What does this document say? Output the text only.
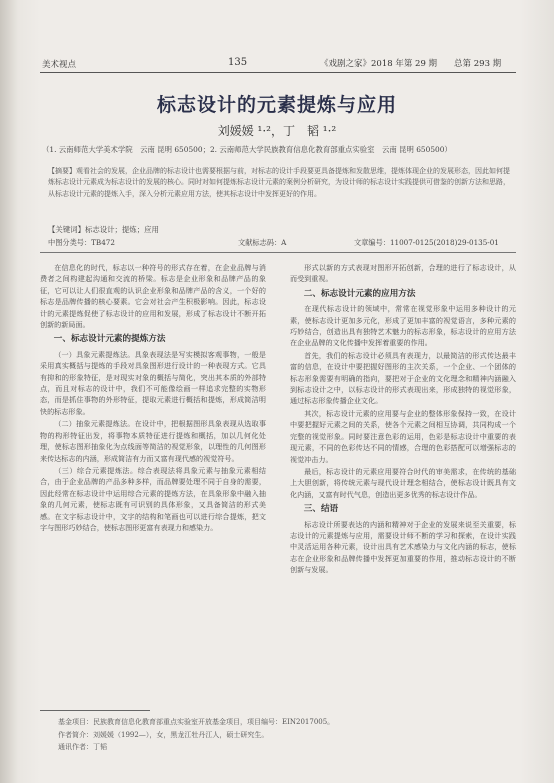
美术视点	135	《戏剧之家》2018 年第 29 期　　总第 293 期
标志设计的元素提炼与应用
刘媛媛 ¹·²，丁　韬 ¹·²
（1. 云南师范大学美术学院　云南 昆明 650500；2. 云南师范大学民族教育信息化教育部重点实验室　云南 昆明 650500）
【摘要】观看社会的发展，企业品牌的标志设计也需要根据与前，对标志的设计手段要更具备提炼和发散思维，提炼体现企业的发展形态，因此如何提炼标志设计元素成为标志设计的发展的核心。同时对如何提炼标志设计元素的案例分析研究，为设计师的标志设计实践提供可借鉴的创新方法和思路，从标志设计元素的提炼入手，深入分析元素应用方法，使其标志设计中发挥更好的作用。
【关键词】标志设计；提炼；应用
中图分类号：TB472	文献标志码：A	文章编号：11007-0125(2018)29-0135-01

在信息化的时代，标志以一种符号的形式存在着，在企业品牌与消费者之间构建起沟通和交流的桥梁。标志是企业形象和品牌产品的象征，它可以让人们很直观的认识企业形象和品牌产品的含义，一个好的标志是品牌传播的核心要素。它会对社会产生积极影响。因此，标志设计的元素提炼促使了标志设计的应用和发展，形成了标志设计不断开拓创新的新局面。

一、标志设计元素的提炼方法

（一）具象元素提炼法。具象表现法是写实模拟客观事物，一般是采用真实概括与提炼的手段对具象图形进行设计的一种表现方式。它具有抑和的形象特征，是对现实对象的概括与简化，突出其本质的外部特点，而且对标志的设计中，我们不可能像绘画一样追求完整的实物形态，而是抓住事物的外形特征，提取元素进行概括和提炼，形成简洁明快的标志形象。

（二）抽象元素提炼法。在设计中，把根据图形具象表现从选取事物的构形特征出发，将事物本质特征进行提炼和概括，加以几何化处理，使标志图形抽象化为点线面等简洁的视觉形象，以理性的几何图形来传达标志的内涵，形成简洁有力而又富有现代感的视觉符号。

（三）综合元素提炼法。综合表现法将具象元素与抽象元素相结合，由于企业品牌的产品多种多样，而品牌要处理不同于自身的需要，因此经常在标志设计中运用综合元素的提炼方法，在具象形象中融入抽象的几何元素，使标志既有可识别的具体形象，又具备简洁的形式美感。在文字标志设计中，文字的结构和笔画也可以进行综合提炼，把文字与图形巧妙结合，使标志图形更富有表现力和感染力。

形式以新的方式表现对图形开拓创新，合理的进行了标志设计，从而受到重视。

二、标志设计元素的应用方法

在现代标志设计的领域中，常常在视觉形象中运用多种设计的元素，使标志设计更加多元化，形成了更加丰富的视觉语言，多种元素的巧妙结合，创造出具有独特艺术魅力的标志形象，标志设计的应用方法在企业品牌的文化传播中发挥着重要的作用。

首先，我们的标志设计必须具有表现力，以最简洁的形式传达最丰富的信息，在设计中要把握好图形的主次关系，一个企业、一个团体的标志形象需要有明确的指向，要把对于企业的文化理念和精神内涵融入到标志设计之中，以标志设计的形式表现出来，形成独特的视觉形象，通过标志形象传播企业文化。

其次，标志设计元素的应用要与企业的整体形象保持一致，在设计中要把握好元素之间的关系，使各个元素之间相互协调，共同构成一个完整的视觉形象。同时要注意色彩的运用，色彩是标志设计中重要的表现元素，不同的色彩传达不同的情感，合理的色彩搭配可以增强标志的视觉冲击力。

最后，标志设计的元素应用要符合时代的审美需求，在传统的基础上大胆创新，将传统元素与现代设计理念相结合，使标志设计既具有文化内涵，又富有时代气息，创造出更多优秀的标志设计作品。

三、结语

标志设计所要表达的内涵和精神对于企业的发展来说至关重要，标志设计的元素提炼与应用，需要设计师不断的学习和探索，在设计实践中灵活运用各种元素，设计出具有艺术感染力与文化内涵的标志，使标志在企业形象和品牌传播中发挥更加重要的作用，推动标志设计的不断创新与发展。

基金项目：民族教育信息化教育部重点实验室开放基金项目，项目编号：EIN2017005。
作者简介：刘媛媛（1992—），女，黑龙江牡丹江人，硕士研究生。
通讯作者：丁韬
